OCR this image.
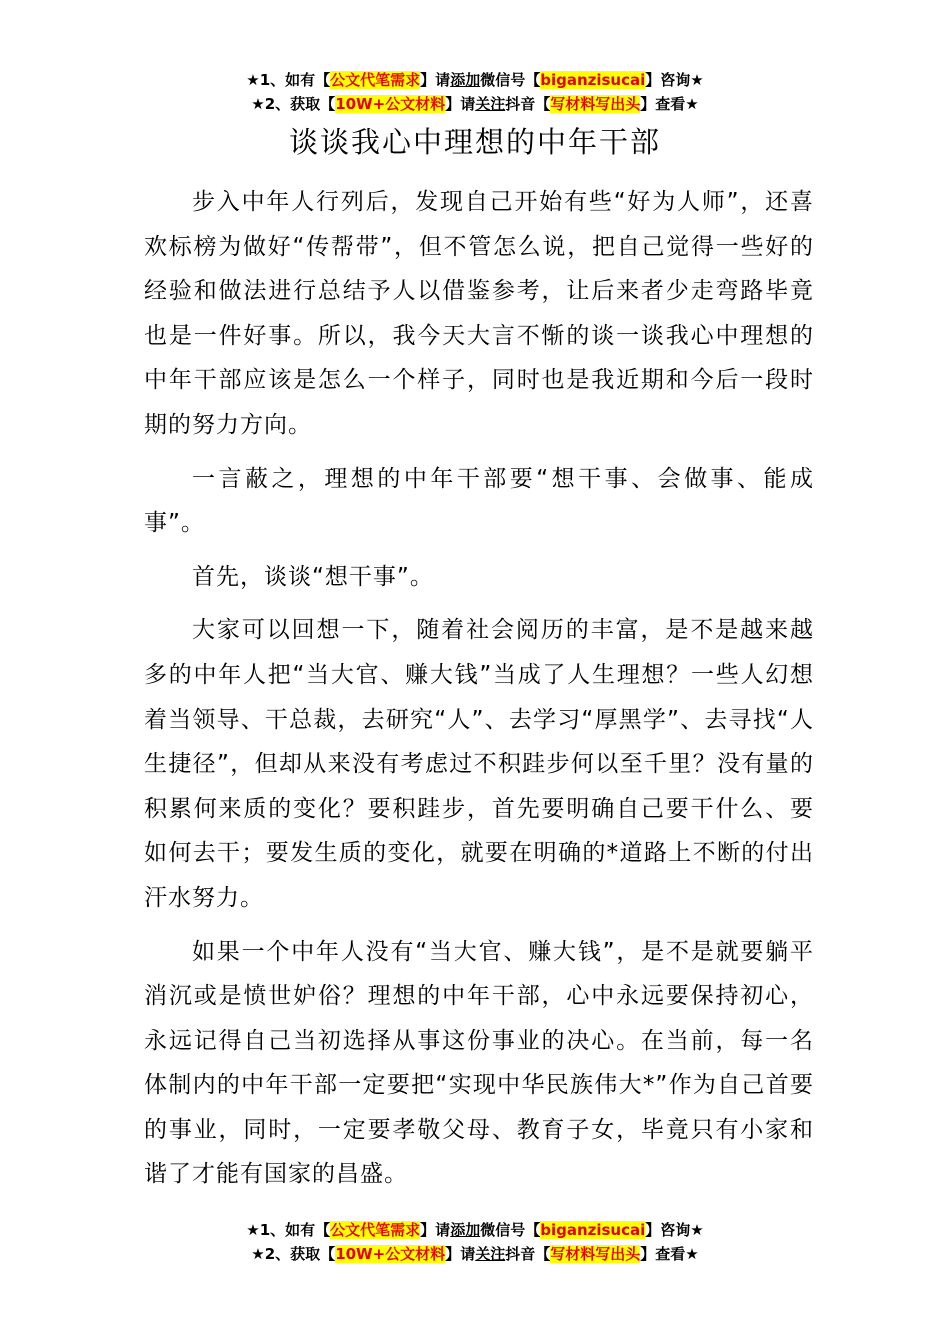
★1、如有【公文代笔需求】请添加微信号【biganzisucai】咨询★
★2、获取【10W+公文材料】请关注抖音【写材料写出头】查看★
谈谈我心中理想的中年干部

步入中年人行列后，发现自己开始有些“好为人师”，还喜欢标榜为做好“传帮带”，但不管怎么说，把自己觉得一些好的经验和做法进行总结予人以借鉴参考，让后来者少走弯路毕竟也是一件好事。所以，我今天大言不惭的谈一谈我心中理想的中年干部应该是怎么一个样子，同时也是我近期和今后一段时期的努力方向。

一言蔽之，理想的中年干部要“想干事、会做事、能成事”。

首先，谈谈“想干事”。

大家可以回想一下，随着社会阅历的丰富，是不是越来越多的中年人把“当大官、赚大钱”当成了人生理想？一些人幻想着当领导、干总裁，去研究“人”、去学习“厚黑学”、去寻找“人生捷径”，但却从来没有考虑过不积跬步何以至千里？没有量的积累何来质的变化？要积跬步，首先要明确自己要干什么、要如何去干；要发生质的变化，就要在明确的*道路上不断的付出汗水努力。

如果一个中年人没有“当大官、赚大钱”，是不是就要躺平消沉或是愤世妒俗？理想的中年干部，心中永远要保持初心，永远记得自己当初选择从事这份事业的决心。在当前，每一名体制内的中年干部一定要把“实现中华民族伟大*”作为自己首要的事业，同时，一定要孝敬父母、教育子女，毕竟只有小家和谐了才能有国家的昌盛。

★1、如有【公文代笔需求】请添加微信号【biganzisucai】咨询★
★2、获取【10W+公文材料】请关注抖音【写材料写出头】查看★
